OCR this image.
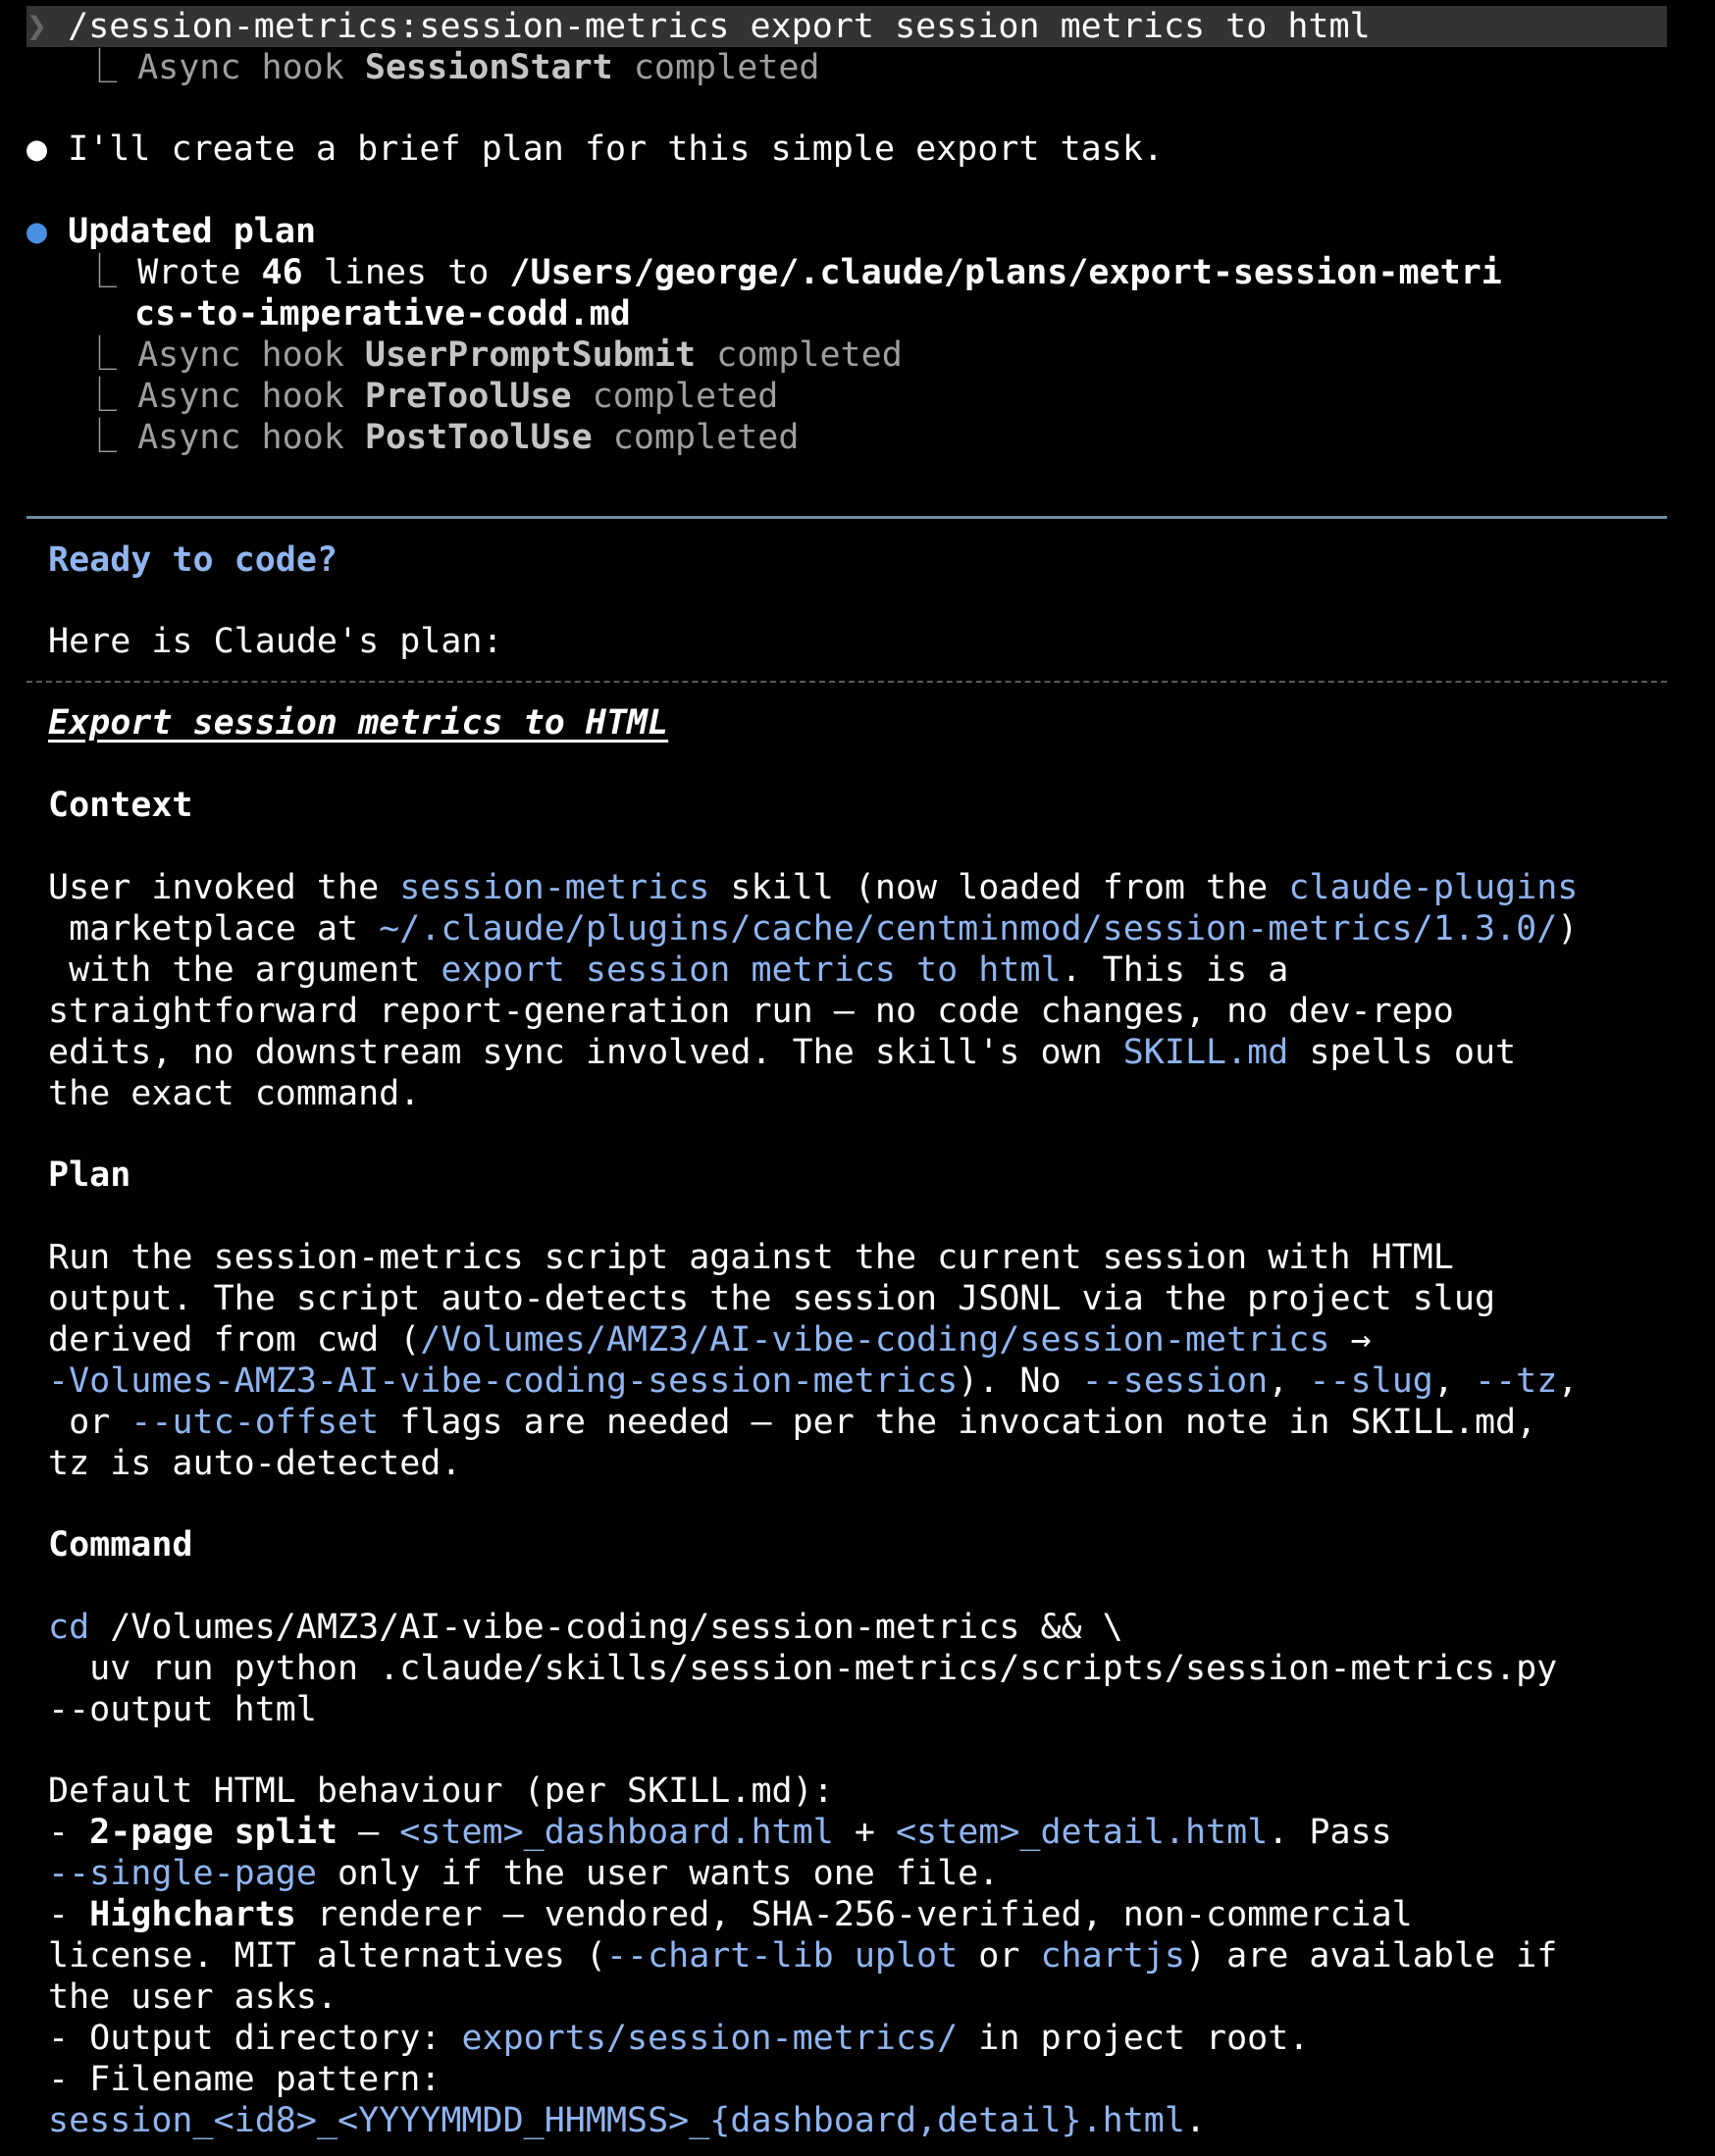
❯ /session-metrics:session-metrics export session metrics to html
⎿ Async hook SessionStart completed
● I'll create a brief plan for this simple export task.
● Updated plan
⎿ Wrote 46 lines to /Users/george/.claude/plans/export-session-metri
cs-to-imperative-codd.md
⎿ Async hook UserPromptSubmit completed
⎿ Async hook PreToolUse completed
⎿ Async hook PostToolUse completed
Ready to code?
Here is Claude's plan:
Export session metrics to HTML
Context
User invoked the session-metrics skill (now loaded from the claude-plugins
marketplace at ~/.claude/plugins/cache/centminmod/session-metrics/1.3.0/)
with the argument export session metrics to html. This is a
straightforward report-generation run — no code changes, no dev-repo
edits, no downstream sync involved. The skill's own SKILL.md spells out
the exact command.
Plan
Run the session-metrics script against the current session with HTML
output. The script auto-detects the session JSONL via the project slug
derived from cwd (/Volumes/AMZ3/AI-vibe-coding/session-metrics →
-Volumes-AMZ3-AI-vibe-coding-session-metrics). No --session, --slug, --tz,
or --utc-offset flags are needed — per the invocation note in SKILL.md,
tz is auto-detected.
Command
cd /Volumes/AMZ3/AI-vibe-coding/session-metrics && \
uv run python .claude/skills/session-metrics/scripts/session-metrics.py
--output html
Default HTML behaviour (per SKILL.md):
- 2-page split — <stem>_dashboard.html + <stem>_detail.html. Pass
--single-page only if the user wants one file.
- Highcharts renderer — vendored, SHA-256-verified, non-commercial
license. MIT alternatives (--chart-lib uplot or chartjs) are available if
the user asks.
- Output directory: exports/session-metrics/ in project root.
- Filename pattern:
session_<id8>_<YYYYMMDD_HHMMSS>_{dashboard,detail}.html.
